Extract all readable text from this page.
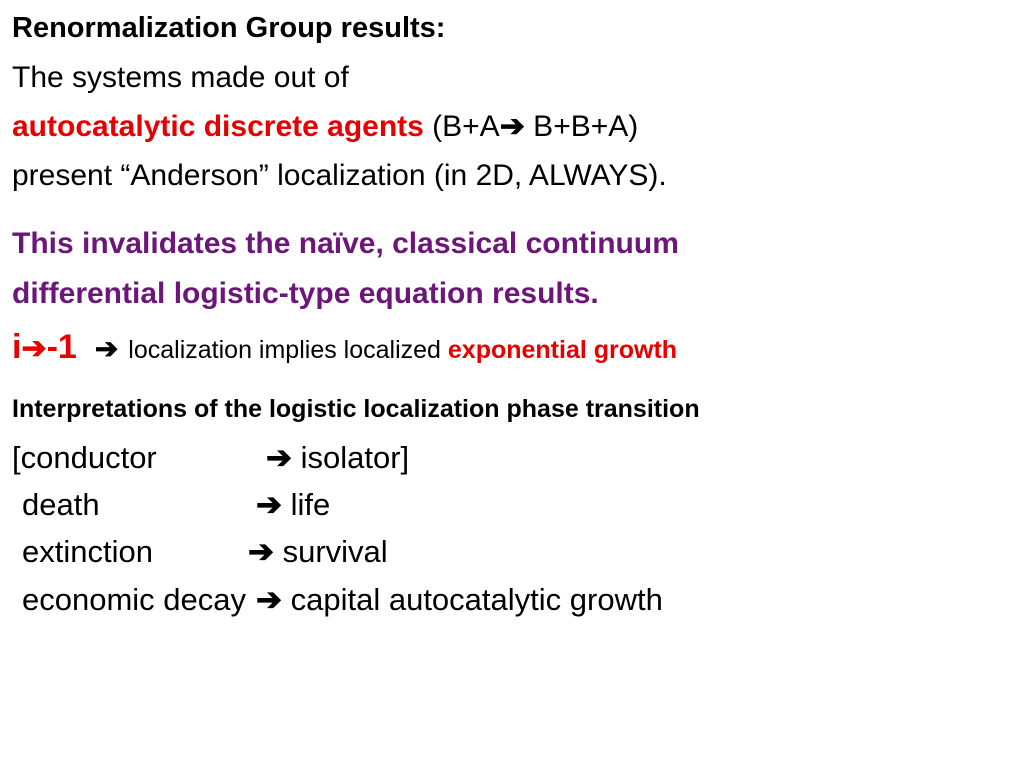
Renormalization Group results:
The systems made out of
autocatalytic discrete agents (B+A➔ B+B+A)
present “Anderson” localization (in 2D, ALWAYS).
This invalidates the naïve, classical continuum
differential logistic-type equation results.
i➔-1 ➔ localization implies localized exponential growth
Interpretations of the logistic localization phase transition
[conductor	➔ isolator]
death	➔ life
extinction	➔ survival
economic decay ➔ capital autocatalytic growth
